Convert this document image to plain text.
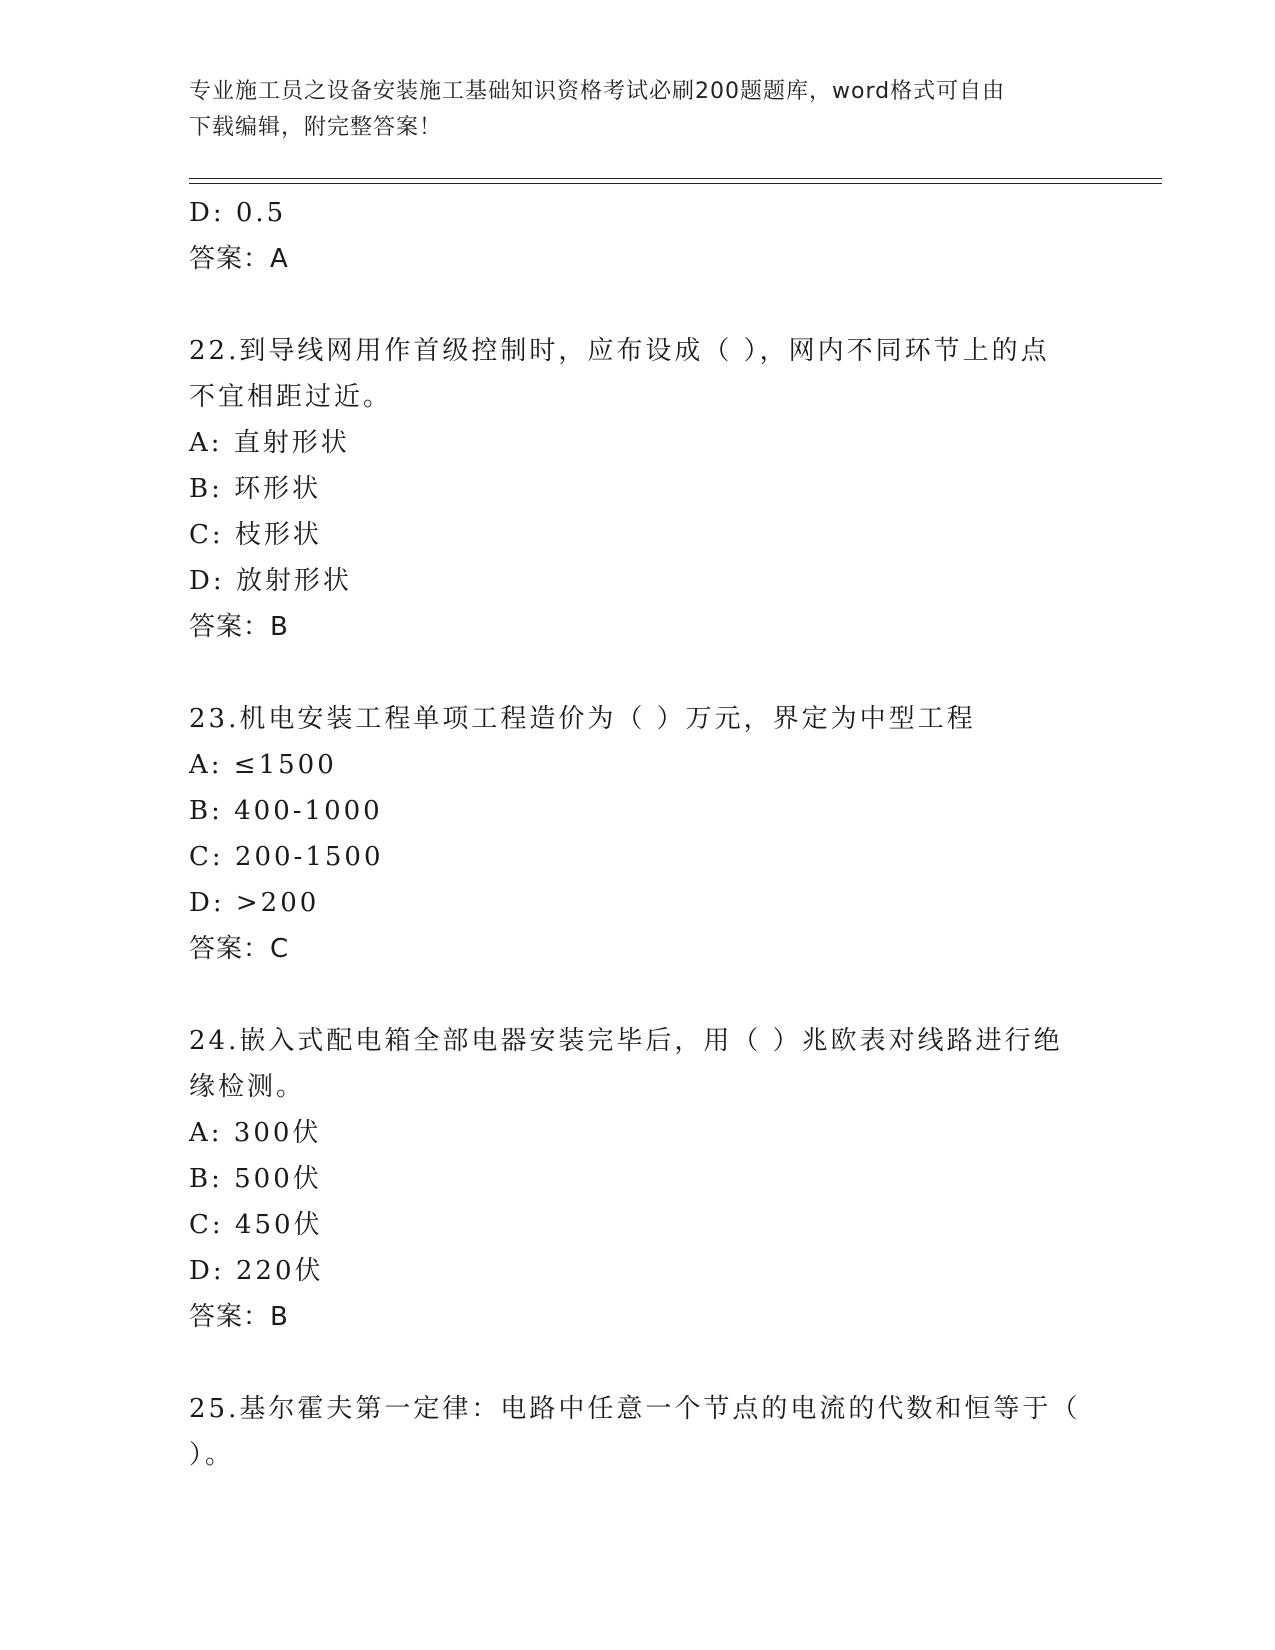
专业施工员之设备安装施工基础知识资格考试必刷200题题库，word格式可自由
下载编辑，附完整答案！
D: 0.5
答案：A
22.到导线网用作首级控制时，应布设成（ ），网内不同环节上的点
不宜相距过近。
A: 直射形状
B: 环形状
C: 枝形状
D: 放射形状
答案：B
23.机电安装工程单项工程造价为（ ）万元，界定为中型工程
A: ≤1500
B: 400-1000
C: 200-1500
D: >200
答案：C
24.嵌入式配电箱全部电器安装完毕后，用（ ）兆欧表对线路进行绝
缘检测。
A: 300伏
B: 500伏
C: 450伏
D: 220伏
答案：B
25.基尔霍夫第一定律：电路中任意一个节点的电流的代数和恒等于（
）。
